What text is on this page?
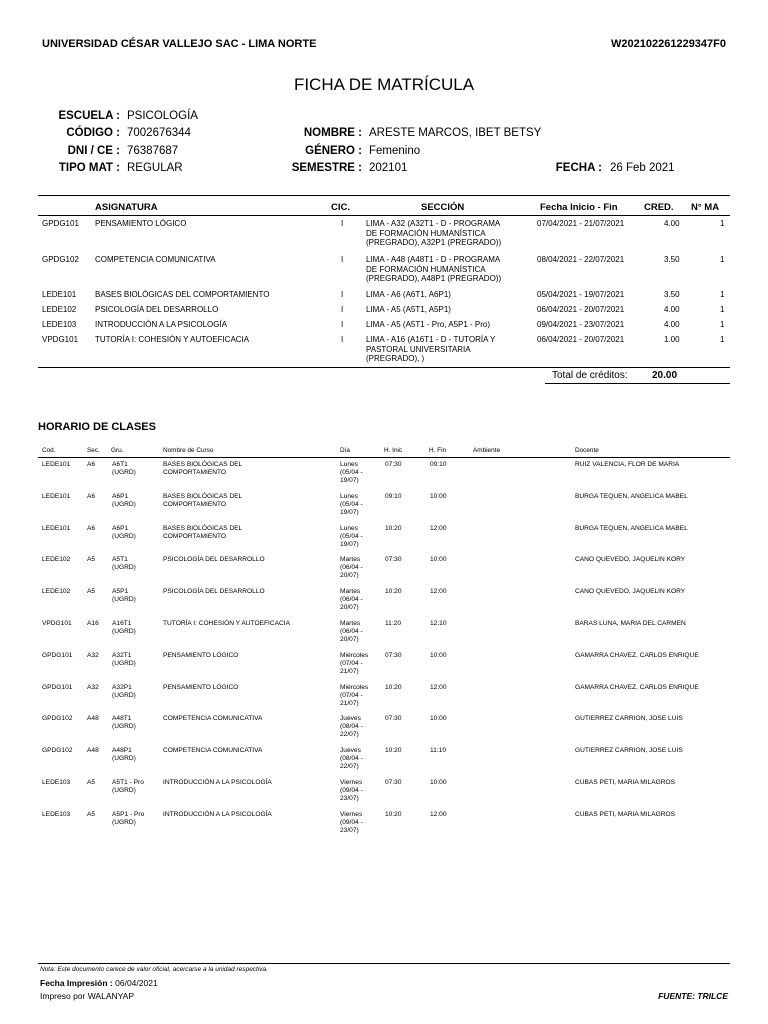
UNIVERSIDAD CÉSAR VALLEJO SAC - LIMA NORTE	W202102261229347F0
FICHA DE MATRÍCULA
ESCUELA : PSICOLOGÍA
CÓDIGO : 7002676344
DNI / CE : 76387687
TIPO MAT : REGULAR
NOMBRE : ARESTE MARCOS, IBET BETSY
GÉNERO : Femenino
SEMESTRE : 202101	FECHA : 26 Feb 2021
ASIGNATURA	CIC.	SECCIÓN	Fecha Inicio - Fin	CRED. N° MA
GPDG101 PENSAMIENTO LÓGICO	I	LIMA - A32 (A32T1 - D - PROGRAMA
DE FORMACIÓN HUMANÍSTICA
(PREGRADO), A32P1 (PREGRADO))
07/04/2021 - 21/07/2021	4.00	1
GPDG102 COMPETENCIA COMUNICATIVA	I	LIMA - A48 (A48T1 - D - PROGRAMA
DE FORMACIÓN HUMANÍSTICA
(PREGRADO), A48P1 (PREGRADO))
08/04/2021 - 22/07/2021	3.50	1
LEDE101 BASES BIOLÓGICAS DEL COMPORTAMIENTO	I	LIMA - A6 (A6T1, A6P1)	05/04/2021 - 19/07/2021	3.50	1
LEDE102 PSICOLOGÍA DEL DESARROLLO	I	LIMA - A5 (A5T1, A5P1)	06/04/2021 - 20/07/2021	4.00	1
LEDE103 INTRODUCCIÓN A LA PSICOLOGÍA	I	LIMA - A5 (A5T1 - Pro, A5P1 - Pro)	09/04/2021 - 23/07/2021	4.00	1
VPDG101 TUTORÍA I: COHESIÓN Y AUTOEFICACIA	I	LIMA - A16 (A16T1 - D - TUTORÍA Y
PASTORAL UNIVERSITARIA
(PREGRADO), )
06/04/2021 - 20/07/2021	1.00	1
Total de créditos: 20.00
HORARIO DE CLASES
Cod.	Sec. Gru.	Nombre de Curso	Día	H. Inic	H. Fin	Ambiente	Docente
LEDE101	A6	A6T1
(UGRD)
BASES BIOLÓGICAS DEL
COMPORTAMIENTO
Lunes
(05/04 -
19/07)
07:30	09:10	RUIZ VALENCIA, FLOR DE MARIA
LEDE101	A6	A6P1
(UGRD)
BASES BIOLÓGICAS DEL
COMPORTAMIENTO
Lunes
(05/04 -
19/07)
09:10	10:00	BURGA TEQUEN, ANGELICA MABEL
LEDE101	A6	A6P1
(UGRD)
BASES BIOLÓGICAS DEL
COMPORTAMIENTO
Lunes
(05/04 -
19/07)
10:20	12:00	BURGA TEQUEN, ANGELICA MABEL
LEDE102	A5	A5T1
(UGRD)
PSICOLOGÍA DEL DESARROLLO	Martes
(06/04 -
20/07)
07:30	10:00	CANO QUEVEDO, JAQUELIN KORY
LEDE102	A5	A5P1
(UGRD)
PSICOLOGÍA DEL DESARROLLO	Martes
(06/04 -
20/07)
10:20	12:00	CANO QUEVEDO, JAQUELIN KORY
VPDG101 A16 A16T1
(UGRD)
TUTORÍA I: COHESIÓN Y AUTOEFICACIA	Martes
(06/04 -
20/07)
11:20	12:10	BARAS LUNA, MARIA DEL CARMEN
GPDG101 A32 A32T1
(UGRD)
PENSAMIENTO LÓGICO	Miércoles
(07/04 -
21/07)
07:30	10:00	GAMARRA CHAVEZ, CARLOS ENRIQUE
GPDG101 A32 A32P1
(UGRD)
PENSAMIENTO LÓGICO	Miércoles
(07/04 -
21/07)
10:20	12:00	GAMARRA CHAVEZ, CARLOS ENRIQUE
GPDG102 A48 A48T1
(UGRD)
COMPETENCIA COMUNICATIVA	Jueves
(08/04 -
22/07)
07:30	10:00	GUTIERREZ CARRION, JOSE LUIS
GPDG102 A48 A48P1
(UGRD)
COMPETENCIA COMUNICATIVA	Jueves
(08/04 -
22/07)
10:20	11:10	GUTIERREZ CARRION, JOSE LUIS
LEDE103	A5	A5T1 - Pro
(UGRD)
INTRODUCCIÓN A LA PSICOLOGÍA	Viernes
(09/04 -
23/07)
07:30	10:00	CUBAS PETI, MARIA MILAGROS
LEDE103	A5	A5P1 - Pro
(UGRD)
INTRODUCCIÓN A LA PSICOLOGÍA	Viernes
(09/04 -
23/07)
10:20	12:00	CUBAS PETI, MARIA MILAGROS
Nota: Este documento carece de valor oficial, acercarse a la unidad respectiva.
Fecha Impresión : 06/04/2021
Impreso por WALANYAP	FUENTE: TRILCE
